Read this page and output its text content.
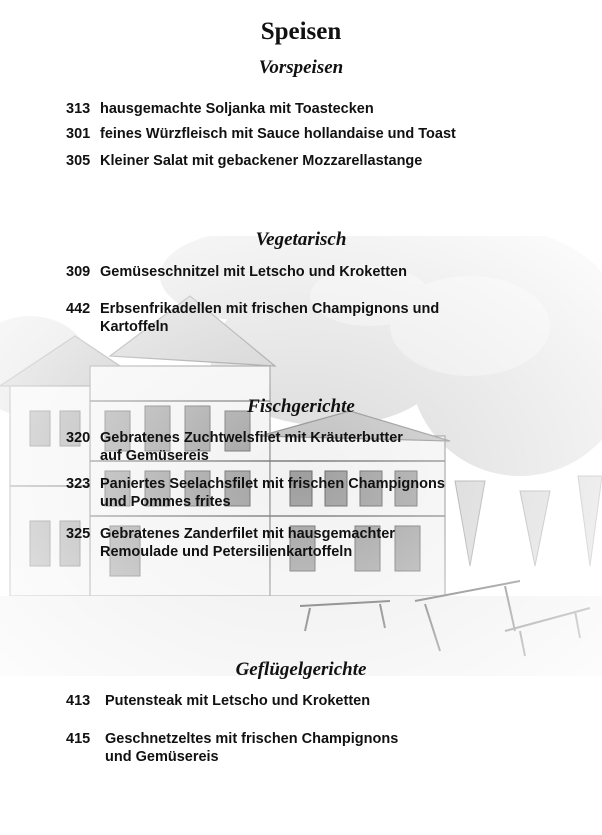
Speisen
Vorspeisen
313 hausgemachte Soljanka mit Toastecken
301 feines Würzfleisch mit Sauce hollandaise und Toast
305 Kleiner Salat mit gebackener Mozzarellastange
Vegetarisch
309 Gemüseschnitzel mit Letscho und Kroketten
442 Erbsenfrikadellen mit frischen Champignons und
Kartoffeln
Fischgerichte
320 Gebratenes Zuchtwelsfilet mit Kräuterbutter
auf Gemüsereis
323 Paniertes Seelachsfilet mit frischen Champignons
und Pommes frites
325 Gebratenes Zanderfilet mit hausgemachter
Remoulade und Petersilienkartoffeln
Geflügelgerichte
413 Putensteak mit Letscho und Kroketten
415 Geschnetzeltes mit frischen Champignons
und Gemüsereis
